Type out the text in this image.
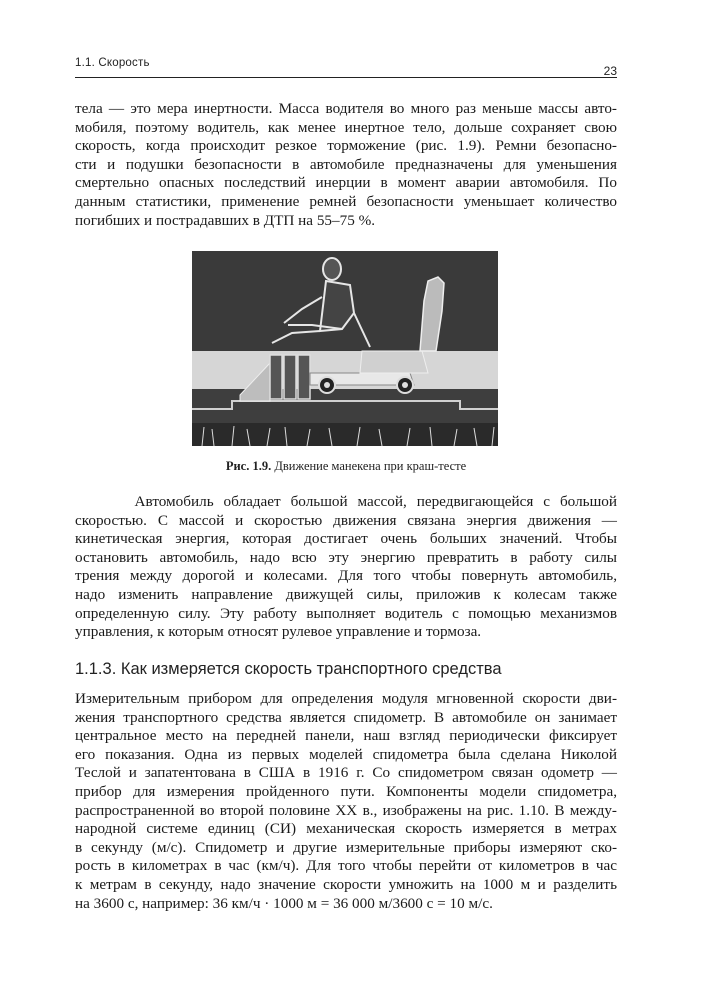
1.1. Скорость
23
тела — это мера инертности. Масса водителя во много раз меньше массы авто-
мобиля, поэтому водитель, как менее инертное тело, дольше сохраняет свою
скорость, когда происходит резкое торможение (рис. 1.9). Ремни безопасно-
сти и подушки безопасности в автомобиле предназначены для уменьшения
смертельно опасных последствий инерции в момент аварии автомобиля. По
данным статистики, применение ремней безопасности уменьшает количество
погибших и пострадавших в ДТП на 55–75 %.
Рис. 1.9. Движение манекена при краш-тесте
Автомобиль обладает большой массой, передвигающейся с большой
скоростью. С массой и скоростью движения связана энергия движения —
кинетическая энергия, которая достигает очень больших значений. Чтобы
остановить автомобиль, надо всю эту энергию превратить в работу силы
трения между дорогой и колесами. Для того чтобы повернуть автомобиль,
надо изменить направление движущей силы, приложив к колесам также
определенную силу. Эту работу выполняет водитель с помощью механизмов
управления, к которым относят рулевое управление и тормоза.
1.1.3. Как измеряется скорость транспортного средства
Измерительным прибором для определения модуля мгновенной скорости дви-
жения транспортного средства является спидометр. В автомобиле он занимает
центральное место на передней панели, наш взгляд периодически фиксирует
его показания. Одна из первых моделей спидометра была сделана Николой
Теслой и запатентована в США в 1916 г. Со спидометром связан одометр —
прибор для измерения пройденного пути. Компоненты модели спидометра,
распространенной во второй половине XX в., изображены на рис. 1.10. В между-
народной системе единиц (СИ) механическая скорость измеряется в метрах
в секунду (м/с). Спидометр и другие измерительные приборы измеряют ско-
рость в километрах в час (км/ч). Для того чтобы перейти от километров в час
к метрам в секунду, надо значение скорости умножить на 1000 м и разделить
на 3600 с, например: 36 км/ч · 1000 м = 36 000 м/3600 с = 10 м/с.
